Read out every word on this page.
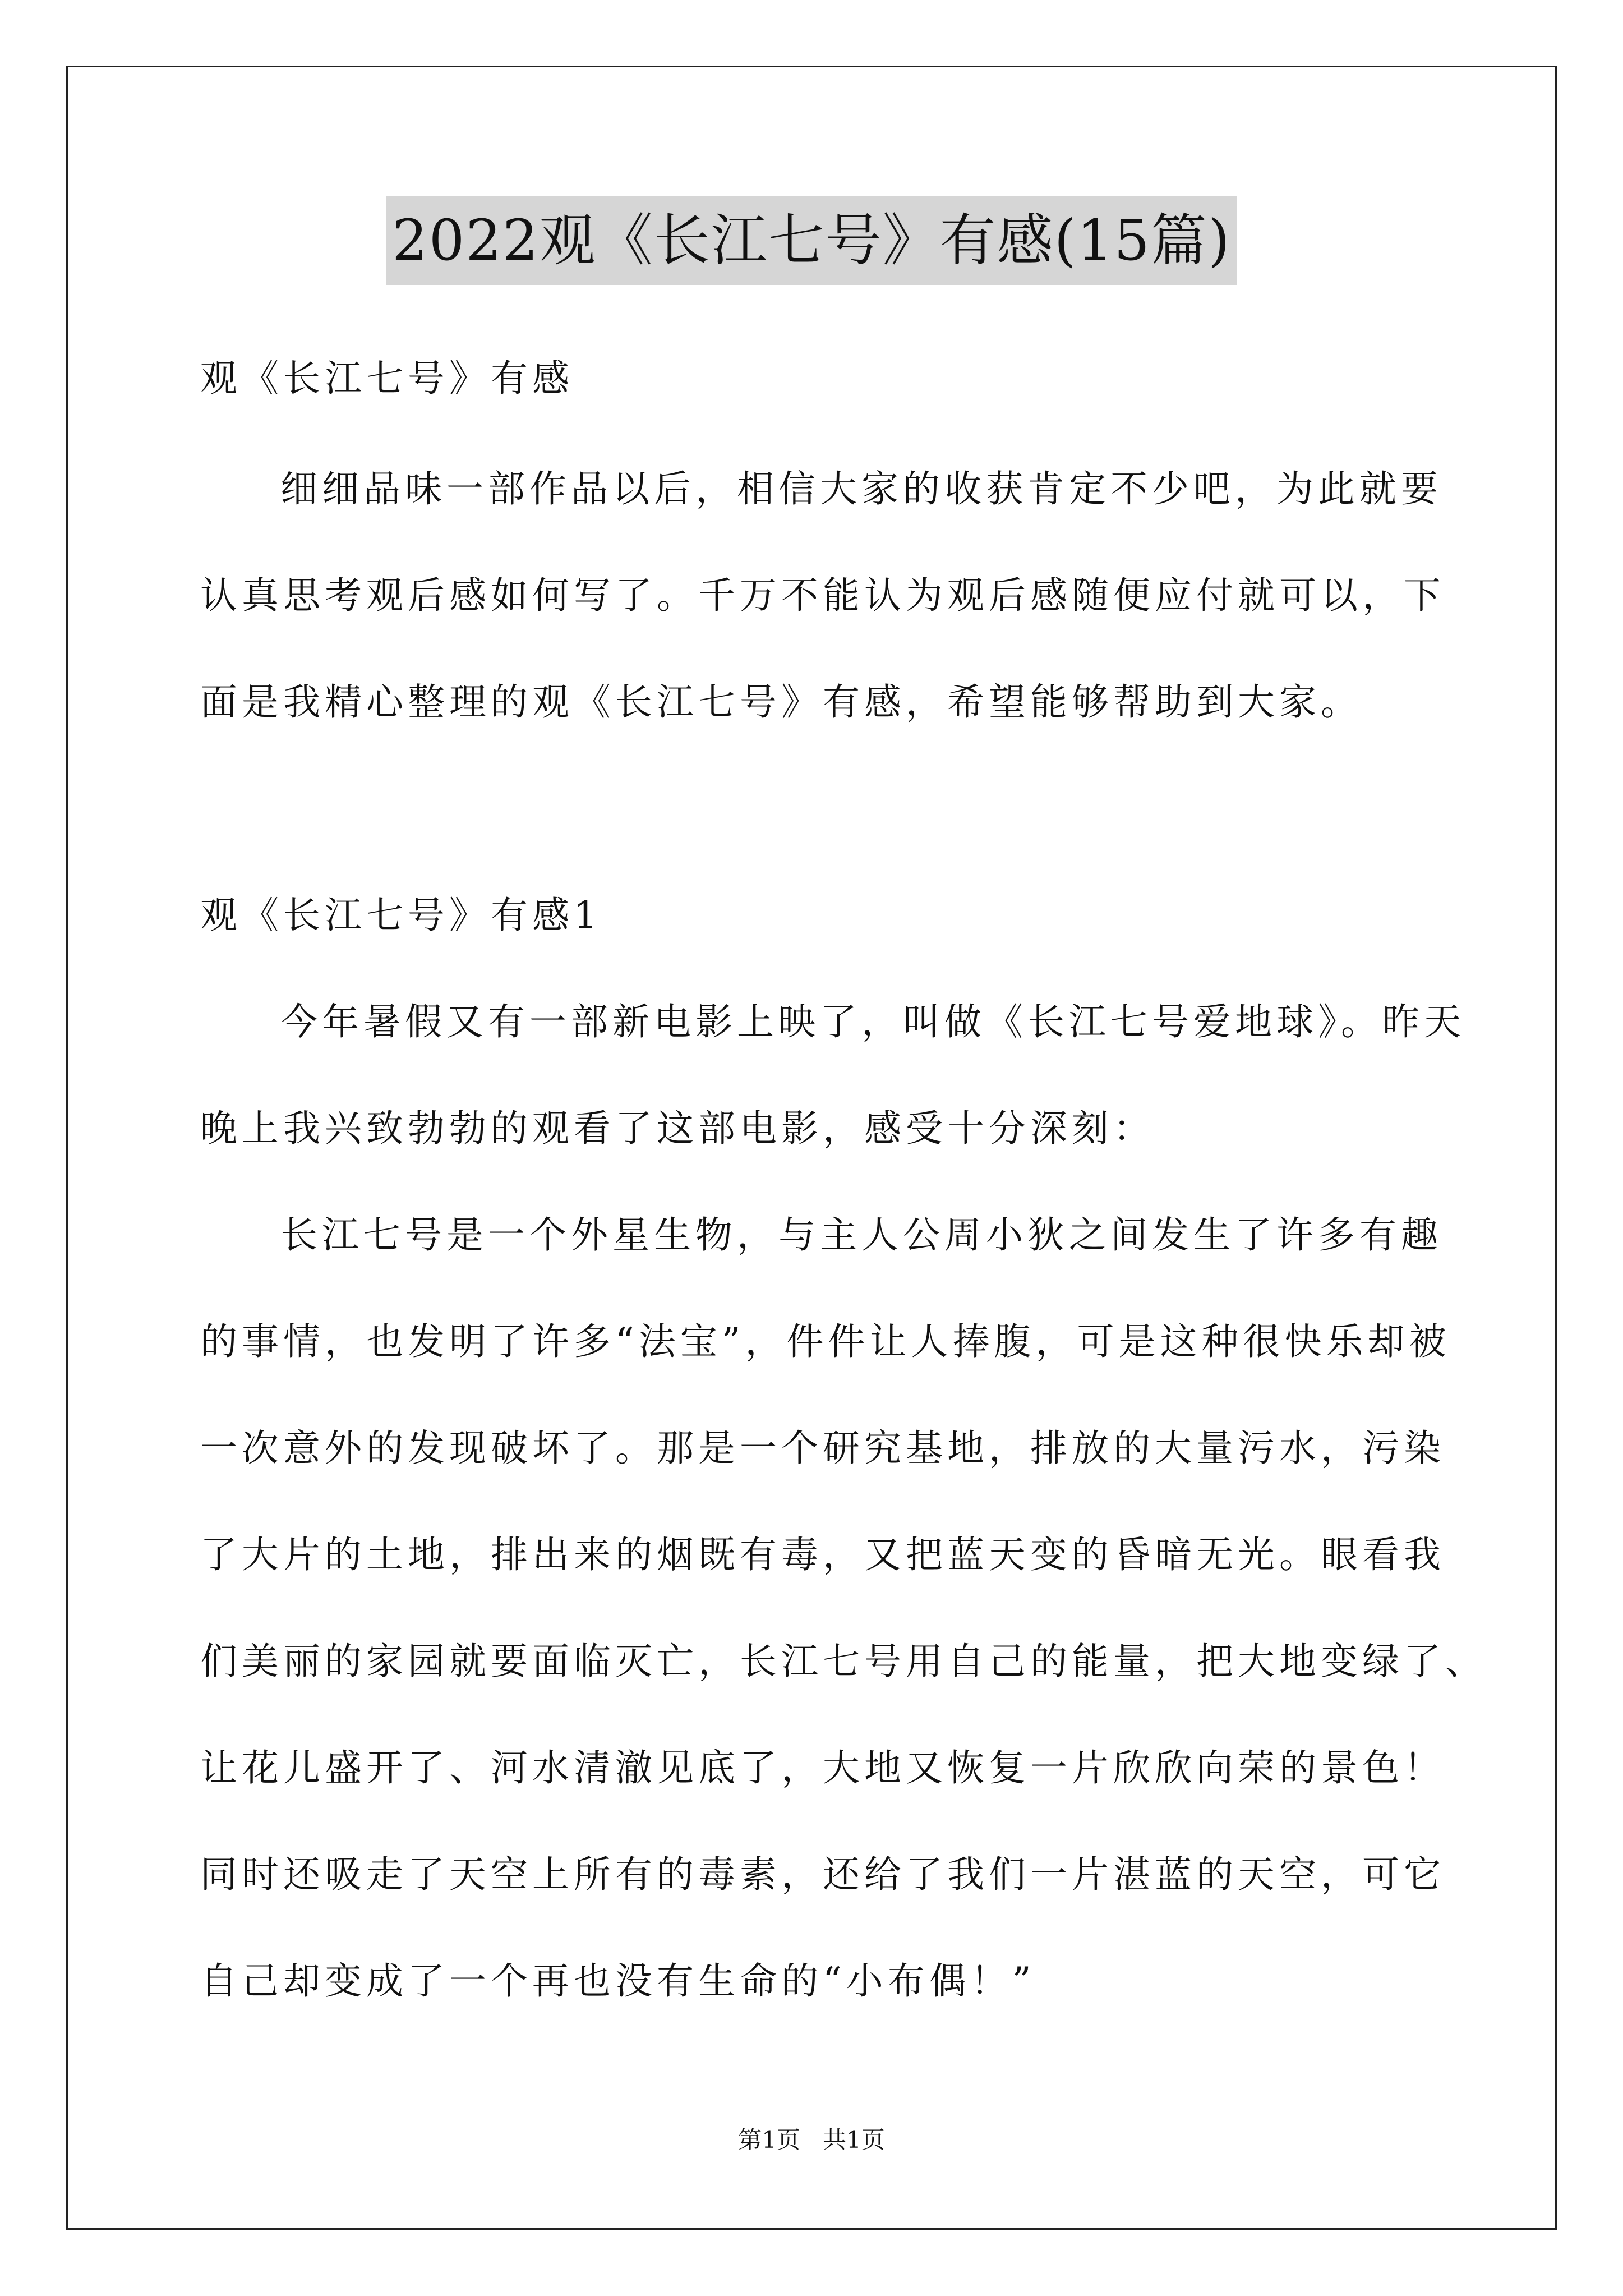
2022观《长江七号》有感(15篇)
观《长江七号》有感
细细品味一部作品以后，相信大家的收获肯定不少吧，为此就要
认真思考观后感如何写了。千万不能认为观后感随便应付就可以，下
面是我精心整理的观《长江七号》有感，希望能够帮助到大家。
观《长江七号》有感1
今年暑假又有一部新电影上映了，叫做《长江七号爱地球》。昨天
晚上我兴致勃勃的观看了这部电影，感受十分深刻：
长江七号是一个外星生物，与主人公周小狄之间发生了许多有趣
的事情，也发明了许多“法宝”，件件让人捧腹，可是这种很快乐却被
一次意外的发现破坏了。那是一个研究基地，排放的大量污水，污染
了大片的土地，排出来的烟既有毒，又把蓝天变的昏暗无光。眼看我
们美丽的家园就要面临灭亡，长江七号用自己的能量，把大地变绿了、
让花儿盛开了、河水清澈见底了，大地又恢复一片欣欣向荣的景色！
同时还吸走了天空上所有的毒素，还给了我们一片湛蓝的天空，可它
自己却变成了一个再也没有生命的“小布偶！”
第1页   共1页
